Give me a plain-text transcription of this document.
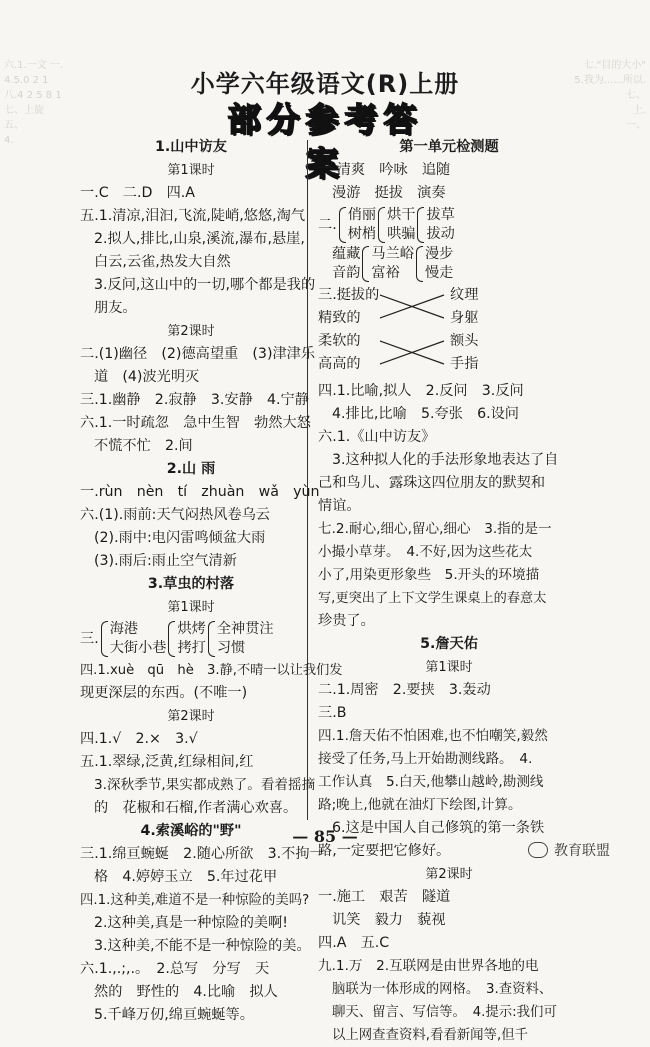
六.1.一文 一.
4.5.0 2 1
八.4 2 5 8 1
七、上旋
五、
4.
七."目的大小"
5.我为......所以.
七、
上.
一、
小学六年级语文(R)上册
部分参考答案
1.山中访友
第1课时
一.C　二.D　四.A
五.1.清凉,泪汩,飞流,陡峭,悠悠,淘气
2.拟人,排比,山泉,溪流,瀑布,悬崖,
白云,云雀,热发大自然
3.反问,这山中的一切,哪个都是我的
朋友。
第2课时
二.(1)幽径　(2)德高望重　(3)津津乐
道　(4)波光明灭
三.1.幽静　2.寂静　3.安静　4.宁静
六.1.一时疏忽　急中生智　勃然大怒
不慌不忙　2.间
2.山 雨
一.rùn　nèn　tí　zhuàn　wǎ　yùn
六.(1).雨前:天气闷热风卷乌云
(2).雨中:电闪雷鸣倾盆大雨
(3).雨后:雨止空气清新
3.草虫的村落
第1课时
三.
海港
大街小巷
烘烤
拷打
全神贯注
习惯
四.1.xuè　qū　hè　3.静,不晴一以让我们发
现更深层的东西。(不唯一)
第2课时
四.1.√　2.×　3.√
五.1.翠绿,泛黄,红绿相间,红
3.深秋季节,果实都成熟了。看着摇摘
的　花椒和石榴,作者满心欢喜。
4.索溪峪的"野"
三.1.绵亘蜿蜒　2.随心所欲　3.不拘一
格　4.婷婷玉立　5.年过花甲
四.1.这种美,难道不是一种惊险的美吗?
2.这种美,真是一种惊险的美啊!
3.这种美,不能不是一种惊险的美。
六.1.,.;,.。　2.总写　分写　天
然的　野性的　4.比喻　拟人
5.千峰万仞,绵亘蜿蜒等。
第一单元检测题
一.清爽　吟咏　追随
漫游　挺拔　演奏
二.
俏丽
树梢
烘干
哄骗
拔草
拔动
蕴藏
音韵
马兰峪
富裕
漫步
慢走
三.挺拔的
精致的
柔软的
高高的
纹理
身躯
额头
手指
四.1.比喻,拟人　2.反问　3.反问
4.排比,比喻　5.夸张　6.设问
六.1.《山中访友》
3.这种拟人化的手法形象地表达了自
己和鸟儿、露珠这四位朋友的默契和
情谊。
七.2.耐心,细心,留心,细心　3.指的是一
小撮小草芽。　4.不好,因为这些花太
小了,用染更形象些　5.开头的环境描
写,更突出了上下文学生课桌上的春意太
珍贵了。
5.詹天佑
第1课时
二.1.周密　2.要挟　3.轰动
三.B
四.1.詹天佑不怕困难,也不怕嘲笑,毅然
接受了任务,马上开始勘测线路。　4.
工作认真　5.白天,他攀山越岭,勘测线
路;晚上,他就在油灯下绘图,计算。
6.这是中国人自己修筑的第一条铁
路,一定要把它修好。
第2课时
一.施工　艰苦　隧道
讥笑　毅力　藐视
四.A　五.C
九.1.万　2.互联网是由世界各地的电
脑联为一体形成的网格。　3.查资料、
聊天、留言、写信等。　4.提示:我们可
以上网查查资料,看看新闻等,但千
— 85 —
教育联盟
